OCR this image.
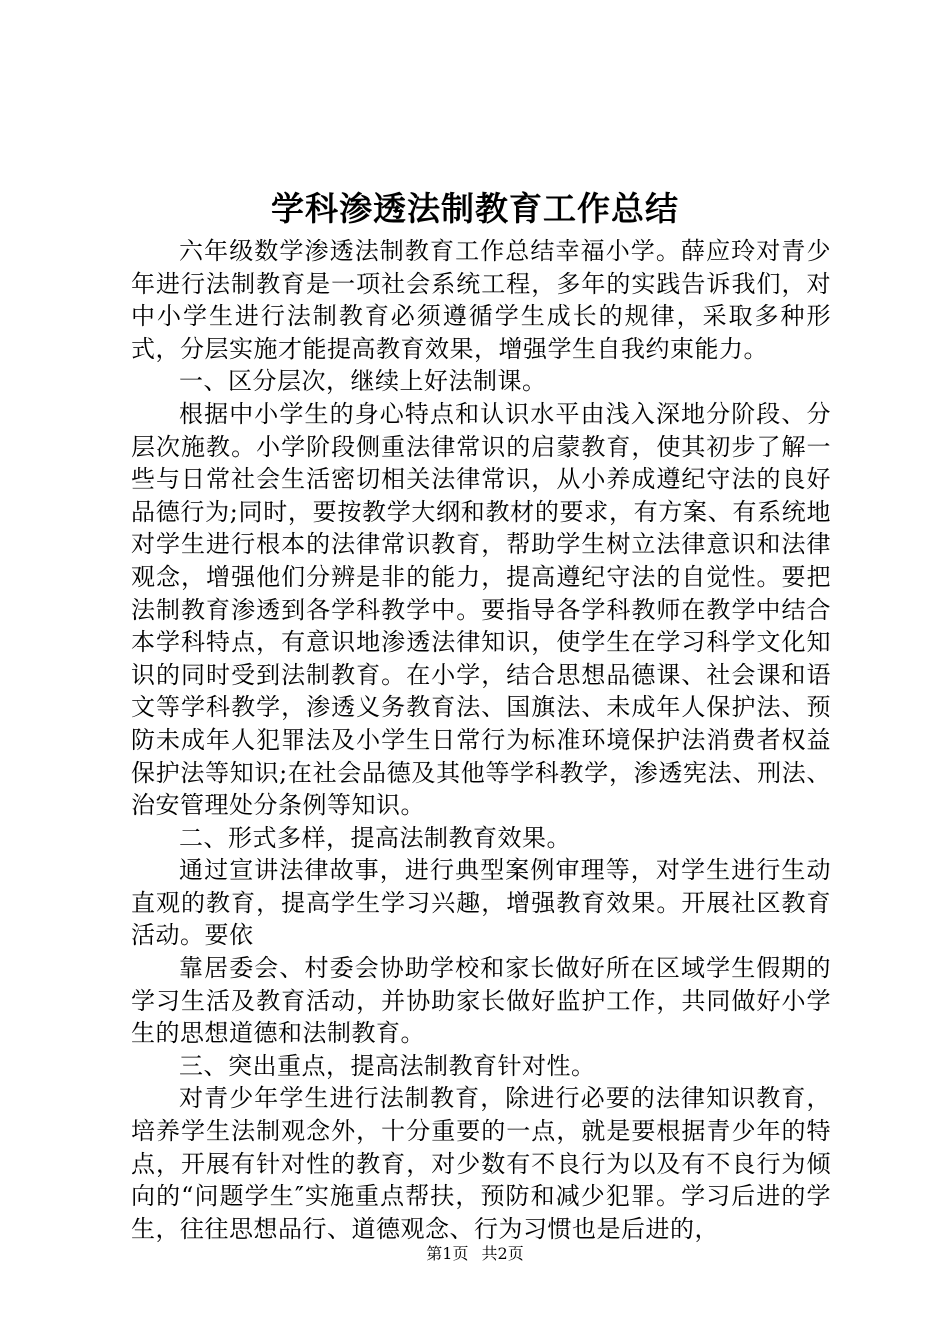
学科渗透法制教育工作总结

六年级数学渗透法制教育工作总结幸福小学。薛应玲对青少年进行法制教育是一项社会系统工程，多年的实践告诉我们，对中小学生进行法制教育必须遵循学生成长的规律，采取多种形式，分层实施才能提高教育效果，增强学生自我约束能力。

一、区分层次，继续上好法制课。

根据中小学生的身心特点和认识水平由浅入深地分阶段、分层次施教。小学阶段侧重法律常识的启蒙教育，使其初步了解一些与日常社会生活密切相关法律常识，从小养成遵纪守法的良好品德行为;同时，要按教学大纲和教材的要求，有方案、有系统地对学生进行根本的法律常识教育，帮助学生树立法律意识和法律观念，增强他们分辨是非的能力，提高遵纪守法的自觉性。要把法制教育渗透到各学科教学中。要指导各学科教师在教学中结合本学科特点，有意识地渗透法律知识，使学生在学习科学文化知识的同时受到法制教育。在小学，结合思想品德课、社会课和语文等学科教学，渗透义务教育法、国旗法、未成年人保护法、预防未成年人犯罪法及小学生日常行为标准环境保护法消费者权益保护法等知识;在社会品德及其他等学科教学，渗透宪法、刑法、治安管理处分条例等知识。

二、形式多样，提高法制教育效果。

通过宣讲法律故事，进行典型案例审理等，对学生进行生动直观的教育，提高学生学习兴趣，增强教育效果。开展社区教育活动。要依

靠居委会、村委会协助学校和家长做好所在区域学生假期的学习生活及教育活动，并协助家长做好监护工作，共同做好小学生的思想道德和法制教育。

三、突出重点，提高法制教育针对性。

对青少年学生进行法制教育，除进行必要的法律知识教育，培养学生法制观念外，十分重要的一点，就是要根据青少年的特点，开展有针对性的教育，对少数有不良行为以及有不良行为倾向的“问题学生″实施重点帮扶，预防和减少犯罪。学习后进的学生，往往思想品行、道德观念、行为习惯也是后进的，

第1页 共2页
